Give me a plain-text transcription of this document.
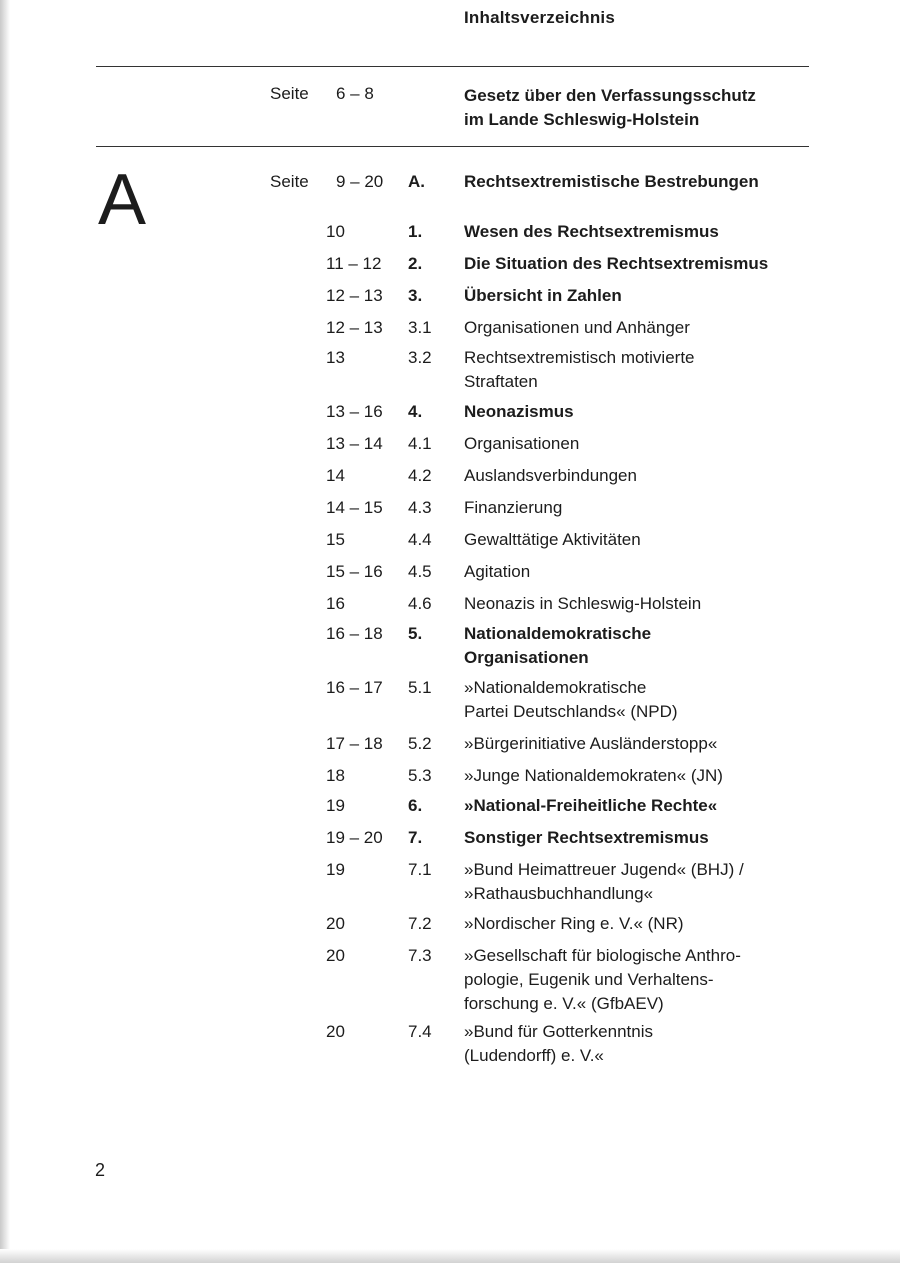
Inhaltsverzeichnis
Seite 6 – 8	Gesetz über den Verfassungsschutz
im Lande Schleswig-Holstein
A	Seite 9 – 20 A. Rechtsextremistische Bestrebungen
10	1. Wesen des Rechtsextremismus
11 – 12 2. Die Situation des Rechtsextremismus
12 – 13 3. Übersicht in Zahlen
12 – 13 3.1 Organisationen und Anhänger
13	3.2 Rechtsextremistisch motivierte
Straftaten
13 – 16 4. Neonazismus
13 – 14 4.1 Organisationen
14	4.2 Auslandsverbindungen
14 – 15 4.3 Finanzierung
15	4.4 Gewalttätige Aktivitäten
15 – 16 4.5 Agitation
16	4.6 Neonazis in Schleswig-Holstein
16 – 18 5. Nationaldemokratische
Organisationen
16 – 17 5.1 »Nationaldemokratische
Partei Deutschlands« (NPD)
17 – 18 5.2 »Bürgerinitiative Ausländerstopp«
18	5.3 »Junge Nationaldemokraten« (JN)
19	6. »National-Freiheitliche Rechte«
19 – 20 7. Sonstiger Rechtsextremismus
19	7.1 »Bund Heimattreuer Jugend« (BHJ) /
»Rathausbuchhandlung«
20	7.2 »Nordischer Ring e. V.« (NR)
20	7.3 »Gesellschaft für biologische Anthro-
pologie, Eugenik und Verhaltens-
forschung e. V.« (GfbAEV)
20	7.4 »Bund für Gotterkenntnis
(Ludendorff) e. V.«
2
